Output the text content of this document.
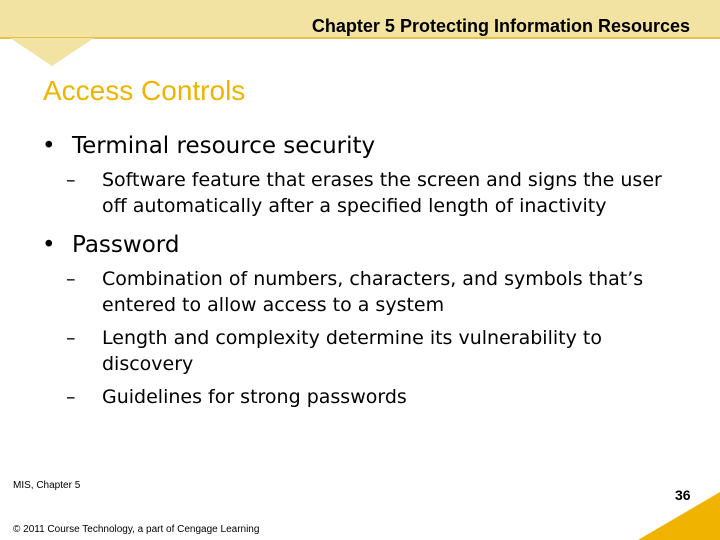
Chapter 5 Protecting Information Resources
Access Controls
• Terminal resource security
–	Software feature that erases the screen and signs the user off automatically after a specified length of inactivity
• Password
–	Combination of numbers, characters, and symbols that’s entered to allow access to a system
–	Length and complexity determine its vulnerability to discovery
–	Guidelines for strong passwords
MIS, Chapter 5
© 2011 Course Technology, a part of Cengage Learning
36
